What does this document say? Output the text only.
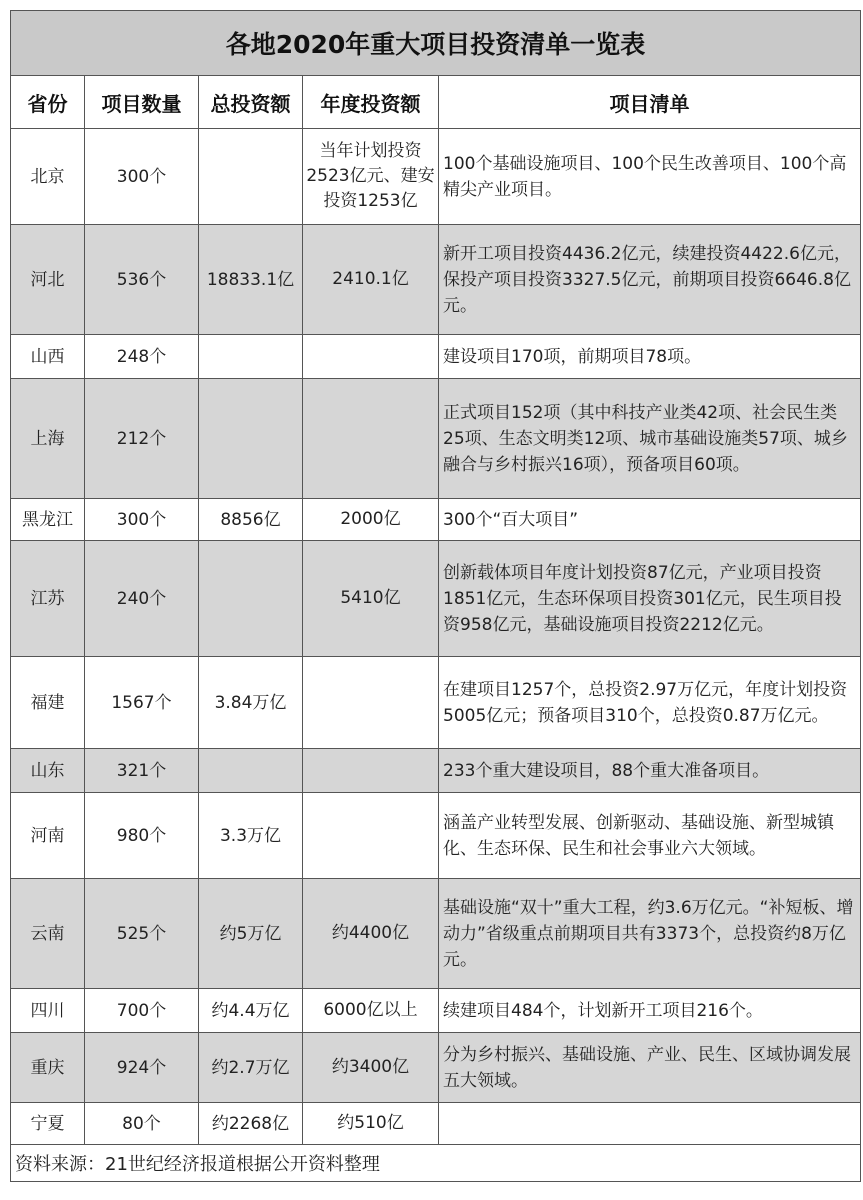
各地2020年重大项目投资清单一览表				
省份	项目数量	总投资额	年度投资额	项目清单
北京	300个		当年计划投资2523亿元、建安投资1253亿	100个基础设施项目、100个民生改善项目、100个高精尖产业项目。
河北	536个	18833.1亿	2410.1亿	新开工项目投资4436.2亿元，续建投资4422.6亿元，保投产项目投资3327.5亿元，前期项目投资6646.8亿元。
山西	248个			建设项目170项，前期项目78项。
上海	212个			正式项目152项（其中科技产业类42项、社会民生类25项、生态文明类12项、城市基础设施类57项、城乡融合与乡村振兴16项），预备项目60项。
黑龙江	300个	8856亿	2000亿	300个“百大项目”
江苏	240个		5410亿	创新载体项目年度计划投资87亿元，产业项目投资1851亿元，生态环保项目投资301亿元，民生项目投资958亿元，基础设施项目投资2212亿元。
福建	1567个	3.84万亿		在建项目1257个，总投资2.97万亿元，年度计划投资5005亿元；预备项目310个，总投资0.87万亿元。
山东	321个			233个重大建设项目，88个重大准备项目。
河南	980个	3.3万亿		涵盖产业转型发展、创新驱动、基础设施、新型城镇化、生态环保、民生和社会事业六大领域。
云南	525个	约5万亿	约4400亿	基础设施“双十”重大工程，约3.6万亿元。“补短板、增动力”省级重点前期项目共有3373个，总投资约8万亿元。
四川	700个	约4.4万亿	6000亿以上	续建项目484个，计划新开工项目216个。
重庆	924个	约2.7万亿	约3400亿	分为乡村振兴、基础设施、产业、民生、区域协调发展五大领域。
宁夏	80个	约2268亿	约510亿	
资料来源：21世纪经济报道根据公开资料整理				
